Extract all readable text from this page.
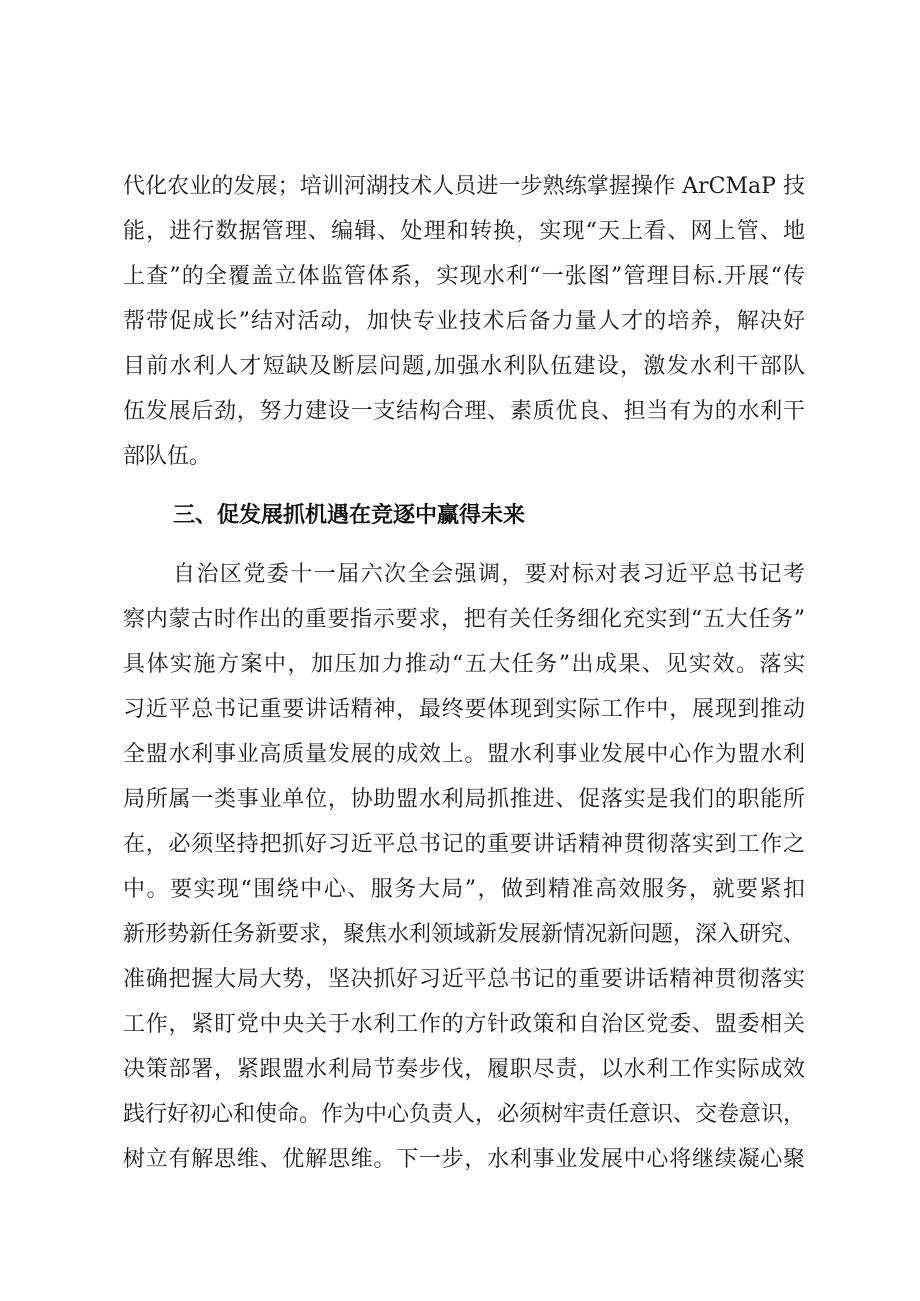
代化农业的发展；培训河湖技术人员进一步熟练掌握操作 ArCMaP 技
能，进行数据管理、编辑、处理和转换，实现“天上看、网上管、地
上查”的全覆盖立体监管体系，实现水利“一张图”管理目标.开展“传
帮带促成长”结对活动，加快专业技术后备力量人才的培养，解决好
目前水利人才短缺及断层问题,加强水利队伍建设，激发水利干部队
伍发展后劲，努力建设一支结构合理、素质优良、担当有为的水利干
部队伍。
三、促发展抓机遇在竞逐中赢得未来
自治区党委十一届六次全会强调，要对标对表习近平总书记考
察内蒙古时作出的重要指示要求，把有关任务细化充实到“五大任务”
具体实施方案中，加压加力推动“五大任务”出成果、见实效。落实
习近平总书记重要讲话精神，最终要体现到实际工作中，展现到推动
全盟水利事业高质量发展的成效上。盟水利事业发展中心作为盟水利
局所属一类事业单位，协助盟水利局抓推进、促落实是我们的职能所
在，必须坚持把抓好习近平总书记的重要讲话精神贯彻落实到工作之
中。要实现“围绕中心、服务大局”，做到精准高效服务，就要紧扣
新形势新任务新要求，聚焦水利领域新发展新情况新问题，深入研究、
准确把握大局大势，坚决抓好习近平总书记的重要讲话精神贯彻落实
工作，紧盯党中央关于水利工作的方针政策和自治区党委、盟委相关
决策部署，紧跟盟水利局节奏步伐，履职尽责，以水利工作实际成效
践行好初心和使命。作为中心负责人，必须树牢责任意识、交卷意识，
树立有解思维、优解思维。下一步，水利事业发展中心将继续凝心聚
